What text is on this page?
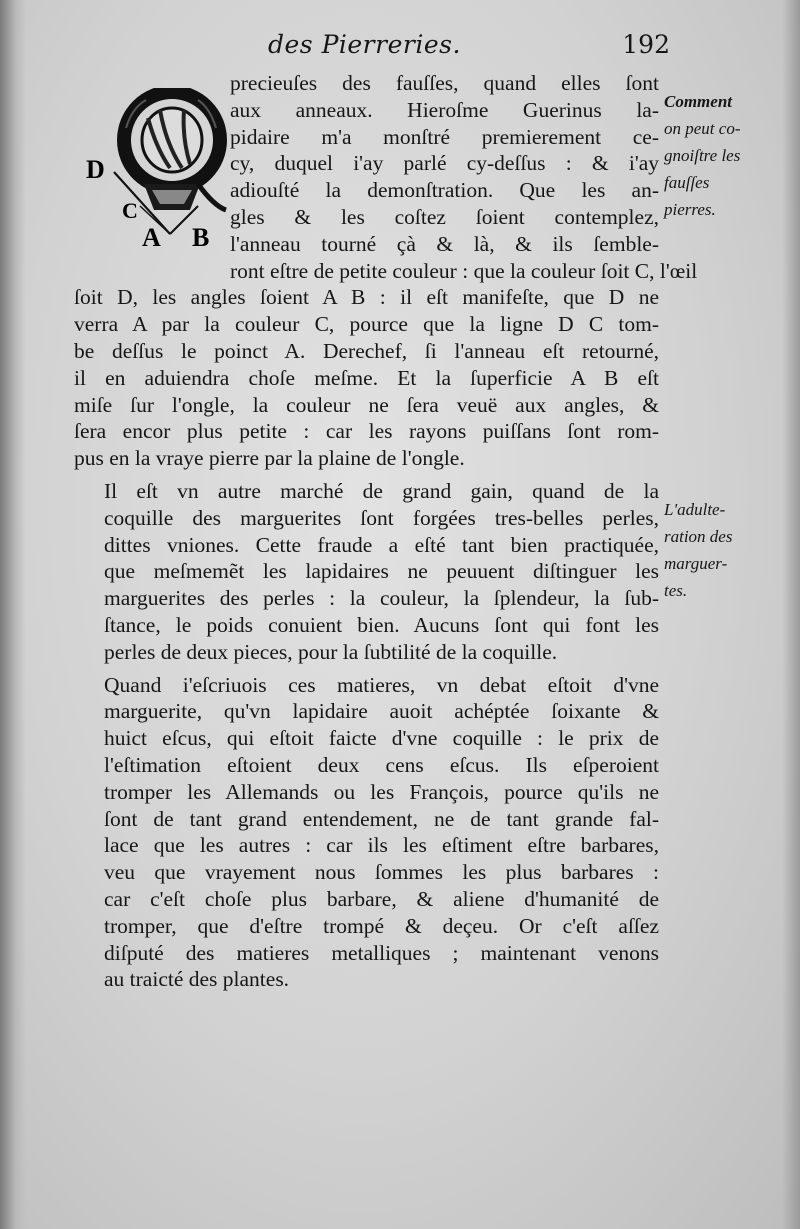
des Pierreries.	192
D
C
A B

precieuſes des fauſſes, quand elles ſont
aux anneaux. Hieroſme Guerinus la-
pidaire m'a monſtré premierement ce-
cy, duquel i'ay parlé cy-deſſus : & i'ay
adiouſté la demonſtration. Que les an-
gles & les coſtez ſoient contemplez,
l'anneau tourné çà & là, & ils ſemble-
ront eſtre de petite couleur : que la couleur ſoit C, l'œil
ſoit D, les angles ſoient A B : il eſt manifeſte, que D ne
verra A par la couleur C, pource que la ligne D C tom-
be deſſus le poinct A. Derechef, ſi l'anneau eſt retourné,
il en aduiendra choſe meſme. Et la ſuperficie A B eſt
miſe ſur l'ongle, la couleur ne ſera veuë aux angles, &
ſera encor plus petite : car les rayons puiſſans ſont rom-
pus en la vraye pierre par la plaine de l'ongle.

Il eſt vn autre marché de grand gain, quand de la
coquille des marguerites ſont forgées tres-belles perles,
dittes vniones. Cette fraude a eſté tant bien practiquée,
que meſmemẽt les lapidaires ne peuuent diſtinguer les
marguerites des perles : la couleur, la ſplendeur, la ſub-
ſtance, le poids conuient bien. Aucuns ſont qui font les
perles de deux pieces, pour la ſubtilité de la coquille.

Quand i'eſcriuois ces matieres, vn debat eſtoit d'vne
marguerite, qu'vn lapidaire auoit achéptée ſoixante &
huict eſcus, qui eſtoit faicte d'vne coquille : le prix de
l'eſtimation eſtoient deux cens eſcus. Ils eſperoient
tromper les Allemands ou les François, pource qu'ils ne
ſont de tant grand entendement, ne de tant grande fal-
lace que les autres : car ils les eſtiment eſtre barbares,
veu que vrayement nous ſommes les plus barbares :
car c'eſt choſe plus barbare, & aliene d'humanité de
tromper, que d'eſtre trompé & deçeu. Or c'eſt aſſez
diſputé des matieres metalliques ; maintenant venons
au traicté des plantes.

Comment
on peut co-
gnoiſtre les
fauſſes
pierres.
L'adulte-
ration des
marguer-
tes.
